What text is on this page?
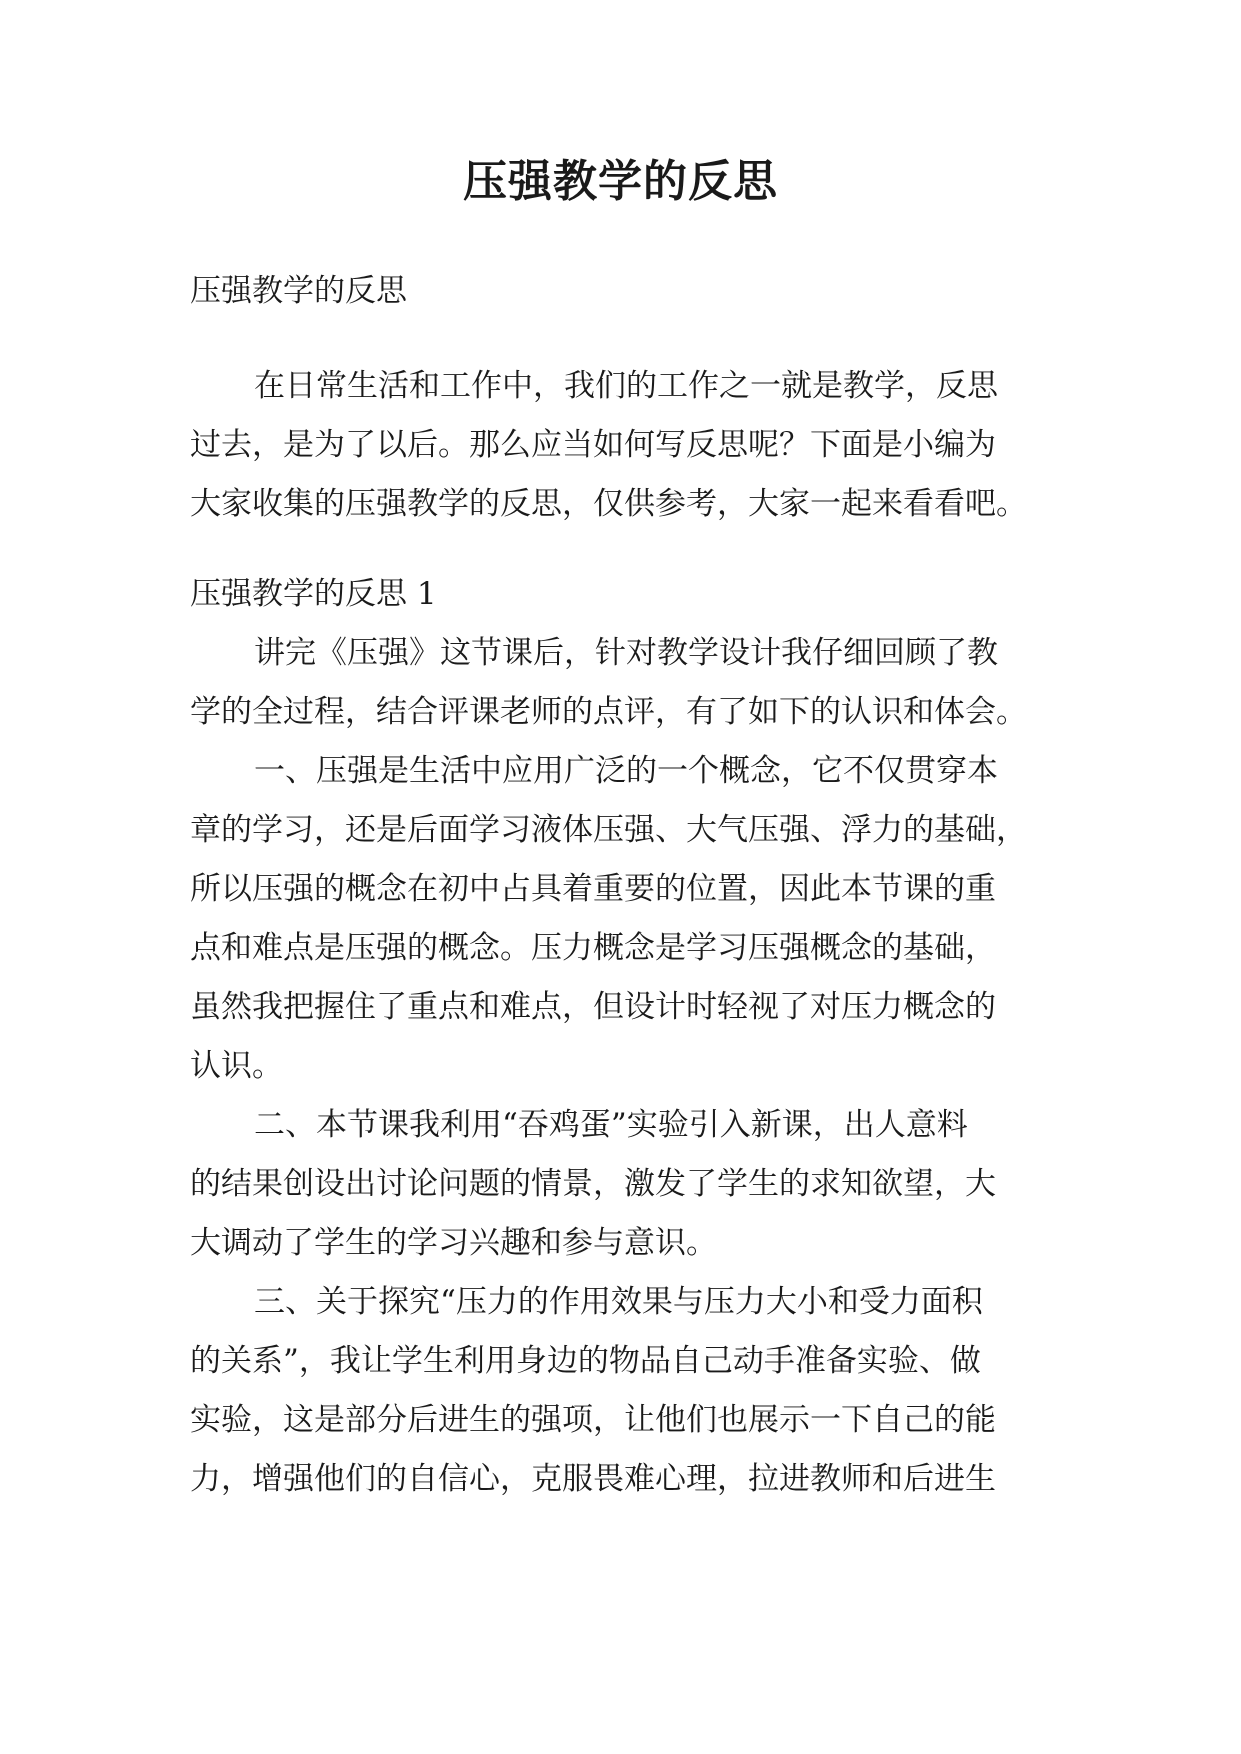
压强教学的反思
压强教学的反思
在日常生活和工作中，我们的工作之一就是教学，反思
过去，是为了以后。那么应当如何写反思呢？下面是小编为
大家收集的压强教学的反思，仅供参考，大家一起来看看吧。
压强教学的反思 1
讲完《压强》这节课后，针对教学设计我仔细回顾了教
学的全过程，结合评课老师的点评，有了如下的认识和体会。
一、压强是生活中应用广泛的一个概念，它不仅贯穿本
章的学习，还是后面学习液体压强、大气压强、浮力的基础，
所以压强的概念在初中占具着重要的位置，因此本节课的重
点和难点是压强的概念。压力概念是学习压强概念的基础，
虽然我把握住了重点和难点，但设计时轻视了对压力概念的
认识。
二、本节课我利用“吞鸡蛋”实验引入新课，出人意料
的结果创设出讨论问题的情景，激发了学生的求知欲望，大
大调动了学生的学习兴趣和参与意识。
三、关于探究“压力的作用效果与压力大小和受力面积
的关系”，我让学生利用身边的物品自己动手准备实验、做
实验，这是部分后进生的强项，让他们也展示一下自己的能
力，增强他们的自信心，克服畏难心理，拉进教师和后进生
